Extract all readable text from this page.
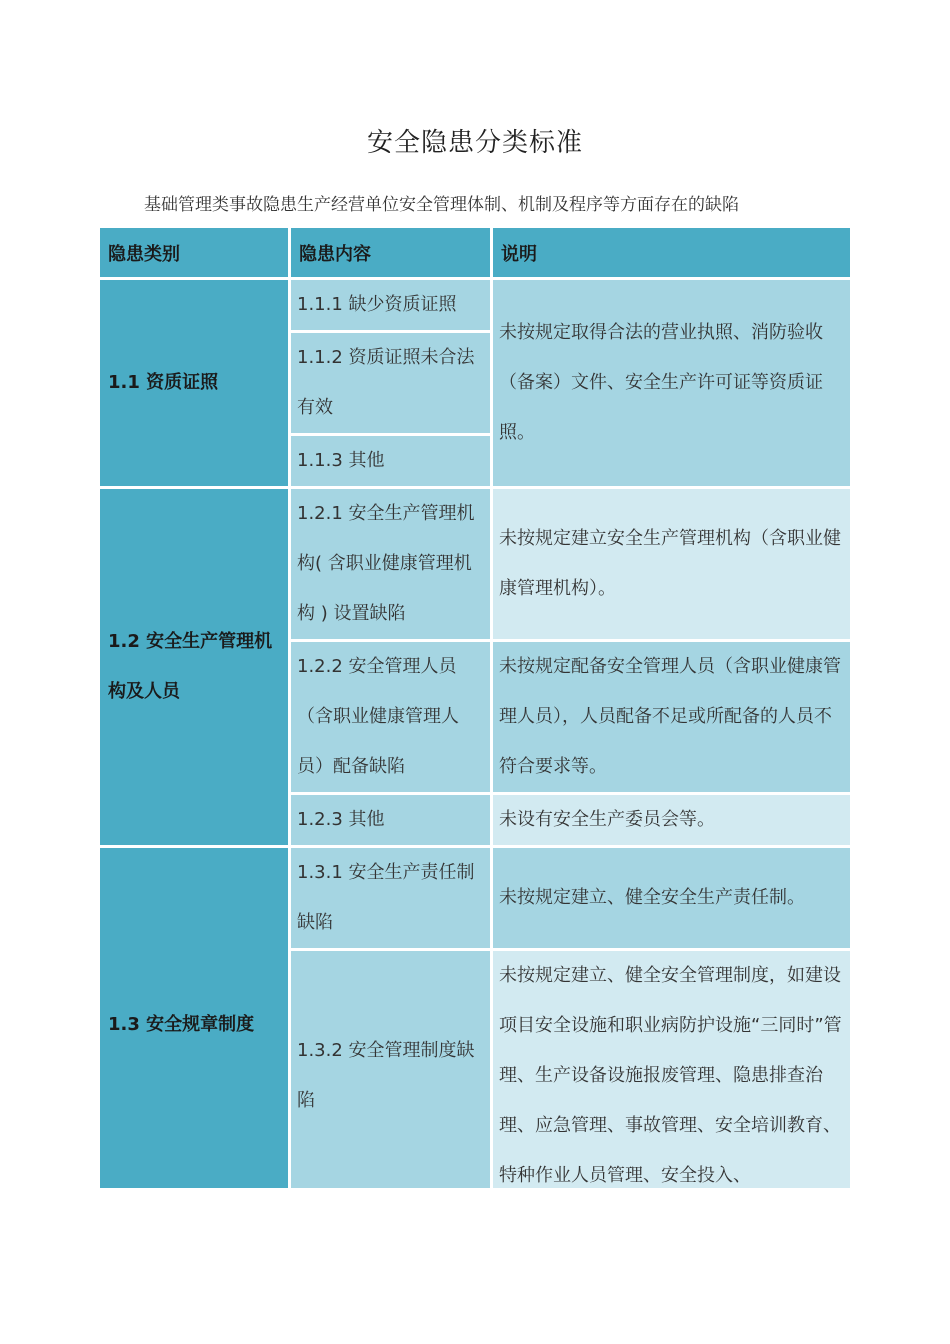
安全隐患分类标准
基础管理类事故隐患生产经营单位安全管理体制、机制及程序等方面存在的缺陷
隐患类别	隐患内容	说明
1.1 资质证照	1.1.1 缺少资质证照	未按规定取得合法的营业执照、消防验收（备案）文件、安全生产许可证等资质证照。
	1.1.2 资质证照未合法有效	
	1.1.3 其他	
1.2 安全生产管理机构及人员	1.2.1 安全生产管理机构( 含职业健康管理机构 ) 设置缺陷	未按规定建立安全生产管理机构（含职业健康管理机构）。
	1.2.2 安全管理人员（含职业健康管理人员）配备缺陷	未按规定配备安全管理人员（含职业健康管理人员），人员配备不足或所配备的人员不符合要求等。
	1.2.3 其他	未设有安全生产委员会等。
1.3 安全规章制度	1.3.1 安全生产责任制缺陷	未按规定建立、健全安全生产责任制。
	1.3.2 安全管理制度缺陷	未按规定建立、健全安全管理制度，如建设项目安全设施和职业病防护设施“三同时”管理、生产设备设施报废管理、隐患排查治理、应急管理、事故管理、安全培训教育、特种作业人员管理、安全投入、
